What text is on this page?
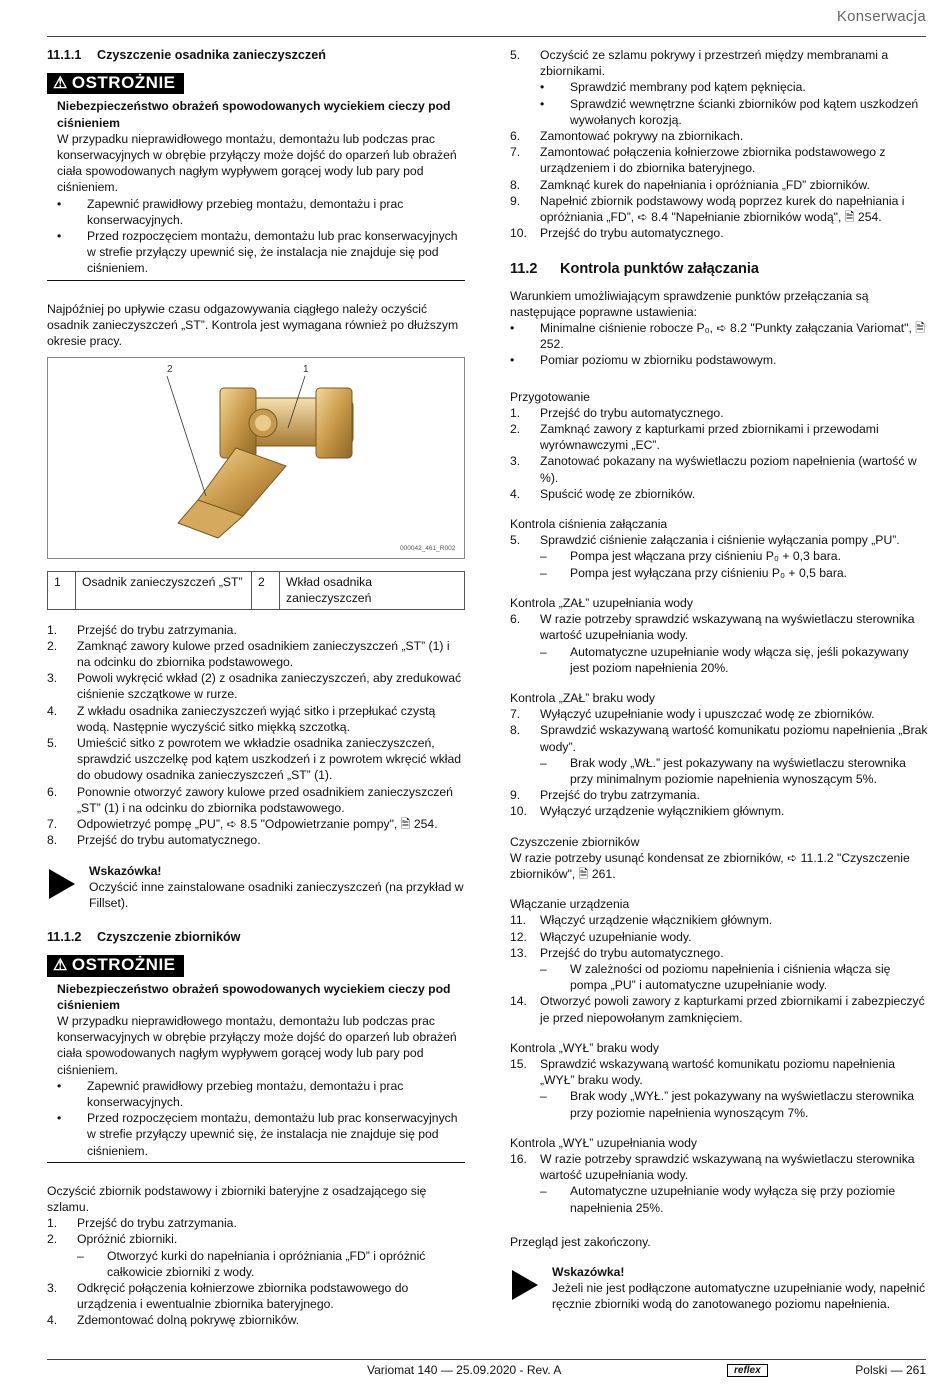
Konserwacja
11.1.1 Czyszczenie osadnika zanieczyszczeń
⚠ OSTROŻNIE

Niebezpieczeństwo obrażeń spowodowanych wyciekiem cieczy pod ciśnieniem

W przypadku nieprawidłowego montażu, demontażu lub podczas prac konserwacyjnych w obrębie przyłączy może dojść do oparzeń lub obrażeń ciała spowodowanych nagłym wypływem gorącej wody lub pary pod ciśnieniem.

• Zapewnić prawidłowy przebieg montażu, demontażu i prac konserwacyjnych.
• Przed rozpoczęciem montażu, demontażu lub prac konserwacyjnych w strefie przyłączy upewnić się, że instalacja nie znajduje się pod ciśnieniem.

Najpóźniej po upływie czasu odgazowywania ciągłego należy oczyścić osadnik zanieczyszczeń „ST”. Kontrola jest wymagana również po dłuższym okresie pracy.

2	1
000042_461_R002
1	Osadnik zanieczyszczeń „ST”	2	Wkład osadnika zanieczyszczeń
1. Przejść do trybu zatrzymania.
2. Zamknąć zawory kulowe przed osadnikiem zanieczyszczeń „ST” (1) i na odcinku do zbiornika podstawowego.
3. Powoli wykręcić wkład (2) z osadnika zanieczyszczeń, aby zredukować ciśnienie szczątkowe w rurze.
4. Z wkładu osadnika zanieczyszczeń wyjąć sitko i przepłukać czystą wodą. Następnie wyczyścić sitko miękką szczotką.
5. Umieścić sitko z powrotem we wkładzie osadnika zanieczyszczeń, sprawdzić uszczelkę pod kątem uszkodzeń i z powrotem wkręcić wkład do obudowy osadnika zanieczyszczeń „ST” (1).
6. Ponownie otworzyć zawory kulowe przed osadnikiem zanieczyszczeń „ST” (1) i na odcinku do zbiornika podstawowego.
7. Odpowietrzyć pompę „PU”, ➪ 8.5 "Odpowietrzanie pompy", 🗎 254.
8. Przejść do trybu automatycznego.

Wskazówka!

Oczyścić inne zainstalowane osadniki zanieczyszczeń (na przykład w Fillset).

11.1.2 Czyszczenie zbiorników
⚠ OSTROŻNIE

Niebezpieczeństwo obrażeń spowodowanych wyciekiem cieczy pod ciśnieniem

W przypadku nieprawidłowego montażu, demontażu lub podczas prac konserwacyjnych w obrębie przyłączy może dojść do oparzeń lub obrażeń ciała spowodowanych nagłym wypływem gorącej wody lub pary pod ciśnieniem.

• Zapewnić prawidłowy przebieg montażu, demontażu i prac konserwacyjnych.
• Przed rozpoczęciem montażu, demontażu lub prac konserwacyjnych w strefie przyłączy upewnić się, że instalacja nie znajduje się pod ciśnieniem.

Oczyścić zbiornik podstawowy i zbiorniki bateryjne z osadzającego się szlamu.

1. Przejść do trybu zatrzymania.
2. Opróżnić zbiorniki.
– Otworzyć kurki do napełniania i opróżniania „FD” i opróżnić całkowicie zbiorniki z wody.
3. Odkręcić połączenia kołnierzowe zbiornika podstawowego do urządzenia i ewentualnie zbiornika bateryjnego.
4. Zdemontować dolną pokrywę zbiorników.
5. Oczyścić ze szlamu pokrywy i przestrzeń między membranami a zbiornikami.
• Sprawdzić membrany pod kątem pęknięcia.
• Sprawdzić wewnętrzne ścianki zbiorników pod kątem uszkodzeń wywołanych korozją.
6. Zamontować pokrywy na zbiornikach.
7. Zamontować połączenia kołnierzowe zbiornika podstawowego z urządzeniem i do zbiornika bateryjnego.
8. Zamknąć kurek do napełniania i opróżniania „FD” zbiorników.
9. Napełnić zbiornik podstawowy wodą poprzez kurek do napełniania i opróżniania „FD”, ➪ 8.4 "Napełnianie zbiorników wodą", 🗎 254.
10. Przejść do trybu automatycznego.
11.2 Kontrola punktów załączania

Warunkiem umożliwiającym sprawdzenie punktów przełączania są następujące poprawne ustawienia:

• Minimalne ciśnienie robocze P₀, ➪ 8.2 "Punkty załączania Variomat", 🗎 252.
• Pomiar poziomu w zbiorniku podstawowym.

Przygotowanie

1. Przejść do trybu automatycznego.
2. Zamknąć zawory z kapturkami przed zbiornikami i przewodami wyrównawczymi „EC”.
3. Zanotować pokazany na wyświetlaczu poziom napełnienia (wartość w %).
4. Spuścić wodę ze zbiorników.

Kontrola ciśnienia załączania

5. Sprawdzić ciśnienie załączania i ciśnienie wyłączania pompy „PU”.
– Pompa jest włączana przy ciśnieniu P₀ + 0,3 bara.
– Pompa jest wyłączana przy ciśnieniu P₀ + 0,5 bara.

Kontrola „ZAŁ” uzupełniania wody

6. W razie potrzeby sprawdzić wskazywaną na wyświetlaczu sterownika wartość uzupełniania wody.
– Automatyczne uzupełnianie wody włącza się, jeśli pokazywany jest poziom napełnienia 20%.

Kontrola „ZAŁ” braku wody

7. Wyłączyć uzupełnianie wody i upuszczać wodę ze zbiorników.
8. Sprawdzić wskazywaną wartość komunikatu poziomu napełnienia „Brak wody”.
– Brak wody „WŁ.” jest pokazywany na wyświetlaczu sterownika przy minimalnym poziomie napełnienia wynoszącym 5%.
9. Przejść do trybu zatrzymania.
10. Wyłączyć urządzenie wyłącznikiem głównym.

Czyszczenie zbiorników

W razie potrzeby usunąć kondensat ze zbiorników, ➪ 11.1.2 "Czyszczenie zbiorników", 🗎 261.

Włączanie urządzenia

11. Włączyć urządzenie włącznikiem głównym.
12. Włączyć uzupełnianie wody.
13. Przejść do trybu automatycznego.
– W zależności od poziomu napełnienia i ciśnienia włącza się pompa „PU” i automatyczne uzupełnianie wody.
14. Otworzyć powoli zawory z kapturkami przed zbiornikami i zabezpieczyć je przed niepowołanym zamknięciem.

Kontrola „WYŁ” braku wody

15. Sprawdzić wskazywaną wartość komunikatu poziomu napełnienia „WYŁ” braku wody.
– Brak wody „WYŁ.” jest pokazywany na wyświetlaczu sterownika przy poziomie napełnienia wynoszącym 7%.

Kontrola „WYŁ” uzupełniania wody

16. W razie potrzeby sprawdzić wskazywaną na wyświetlaczu sterownika wartość uzupełniania wody.
– Automatyczne uzupełnianie wody wyłącza się przy poziomie napełnienia 25%.

Przegląd jest zakończony.

Wskazówka!

Jeżeli nie jest podłączone automatyczne uzupełnianie wody, napełnić ręcznie zbiorniki wodą do zanotowanego poziomu napełnienia.

Variomat 140 — 25.09.2020 - Rev. A	reflex	Polski — 261
